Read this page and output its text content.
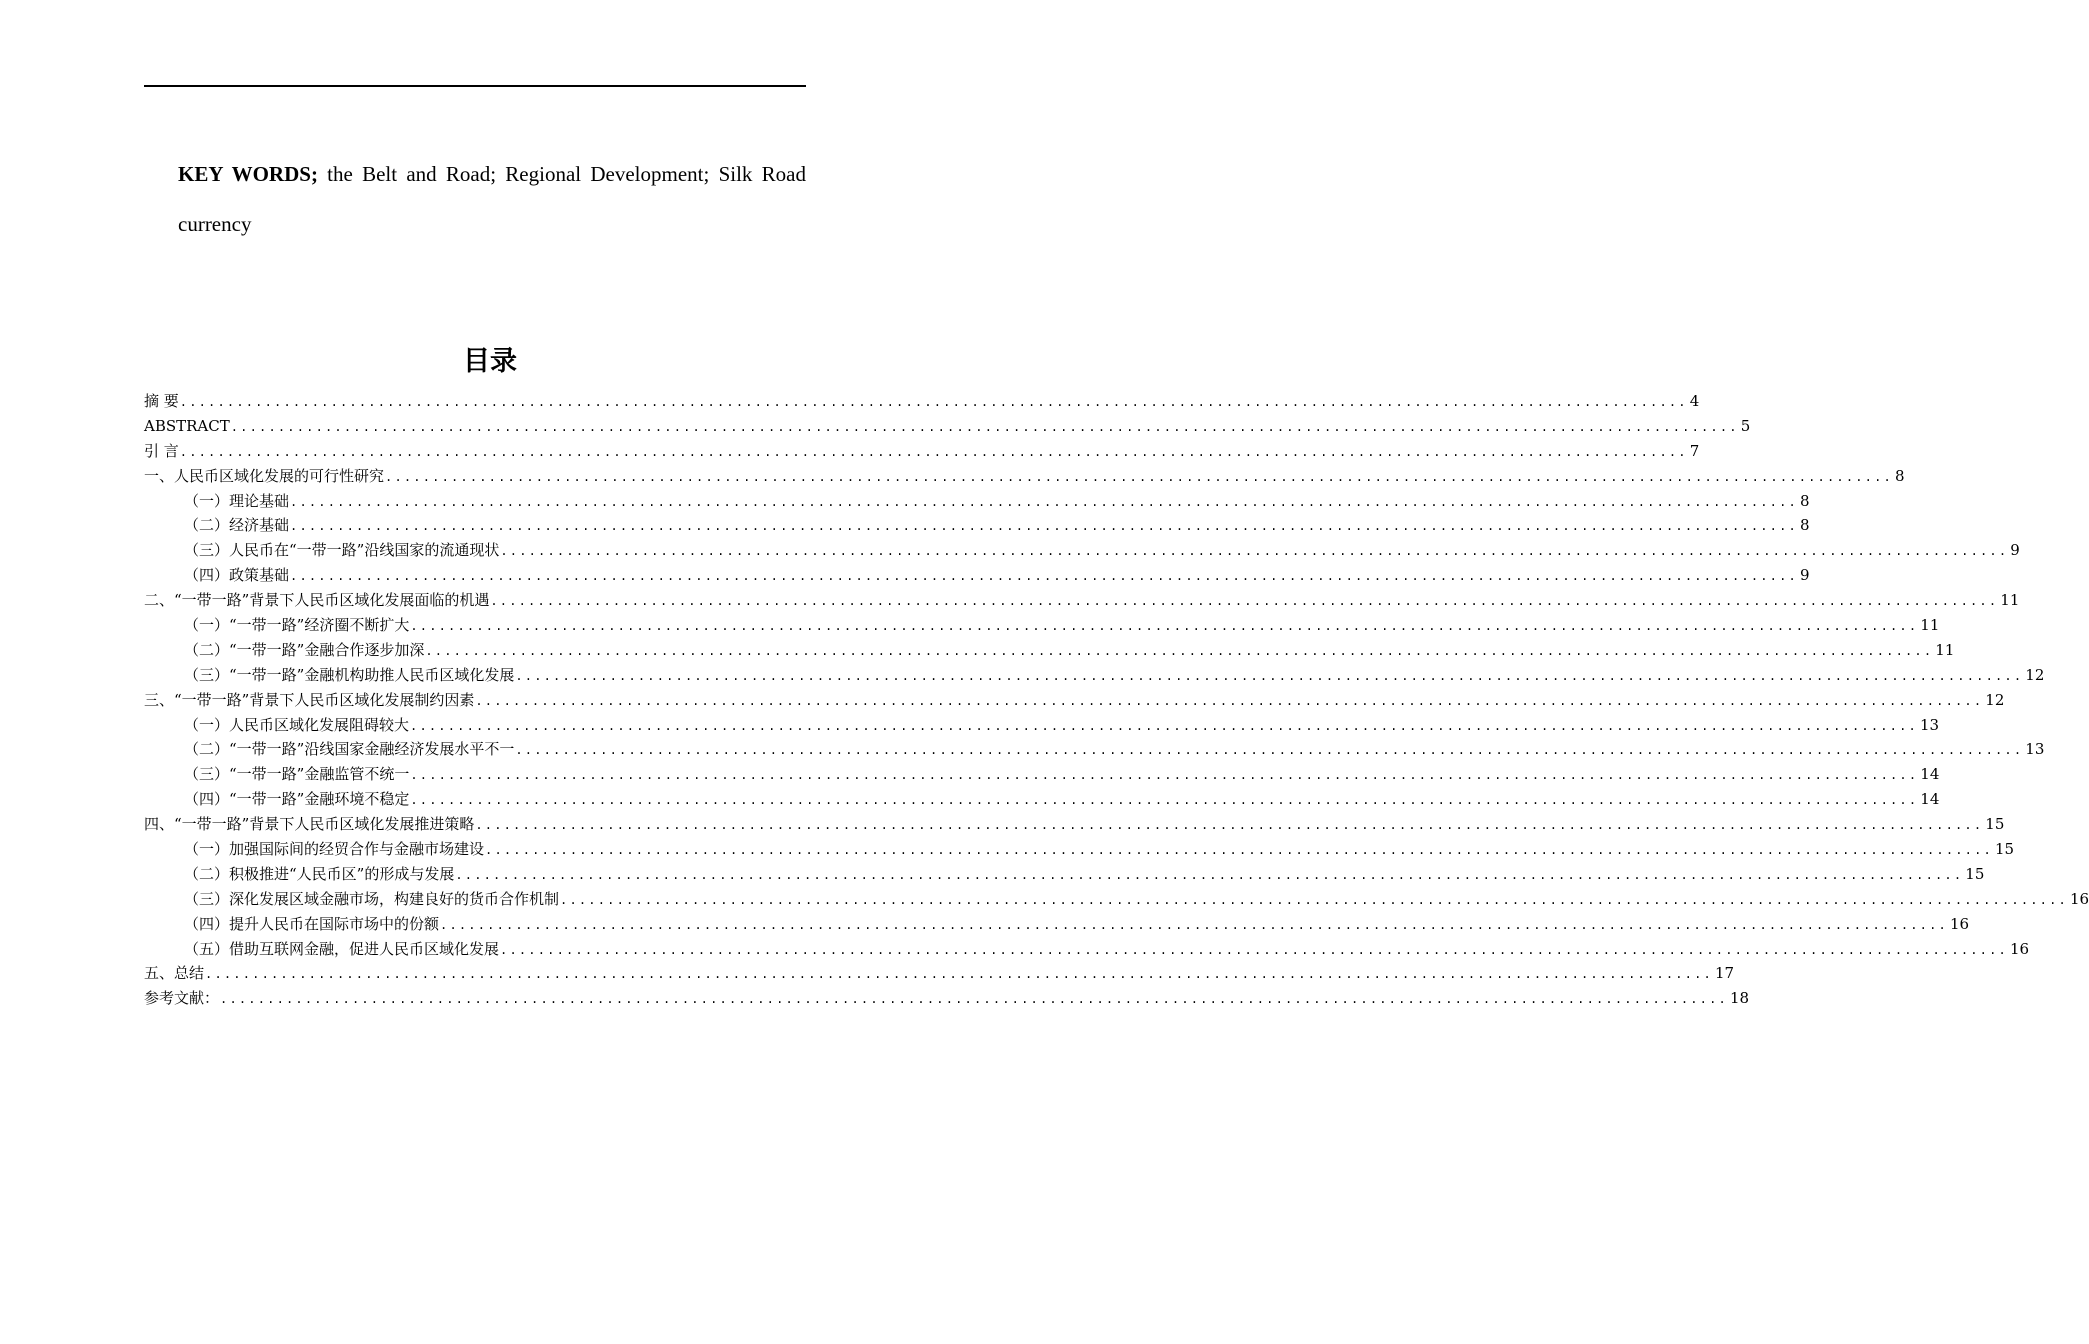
KEY WORDS; the Belt and Road; Regional Development; Silk Road currency

目录
摘 要 ................................................................................................................................................................ 4
ABSTRACT ................................................................................................................................................................ 5
引 言 ................................................................................................................................................................ 7
一、人民币区域化发展的可行性研究 ................................................................................................................................................................ 8
（一）理论基础 ................................................................................................................................................................ 8
（二）经济基础 ................................................................................................................................................................ 8
（三）人民币在“一带一路”沿线国家的流通现状 ................................................................................................................................................................ 9
（四）政策基础 ................................................................................................................................................................ 9
二、“一带一路”背景下人民币区域化发展面临的机遇 ................................................................................................................................................................ 11
（一）“一带一路”经济圈不断扩大 ................................................................................................................................................................ 11
（二）“一带一路”金融合作逐步加深 ................................................................................................................................................................ 11
（三）“一带一路”金融机构助推人民币区域化发展 ................................................................................................................................................................ 12
三、“一带一路”背景下人民币区域化发展制约因素 ................................................................................................................................................................ 12
（一）人民币区域化发展阻碍较大 ................................................................................................................................................................ 13
（二）“一带一路”沿线国家金融经济发展水平不一 ................................................................................................................................................................ 13
（三）“一带一路”金融监管不统一 ................................................................................................................................................................ 14
（四）“一带一路”金融环境不稳定 ................................................................................................................................................................ 14
四、“一带一路”背景下人民币区域化发展推进策略 ................................................................................................................................................................ 15
（一）加强国际间的经贸合作与金融市场建设 ................................................................................................................................................................ 15
（二）积极推进“人民币区”的形成与发展 ................................................................................................................................................................ 15
（三）深化发展区域金融市场，构建良好的货币合作机制 ................................................................................................................................................................ 16
（四）提升人民币在国际市场中的份额 ................................................................................................................................................................ 16
（五）借助互联网金融，促进人民币区域化发展 ................................................................................................................................................................ 16
五、总结 ................................................................................................................................................................ 17
参考文献： ................................................................................................................................................................ 18
